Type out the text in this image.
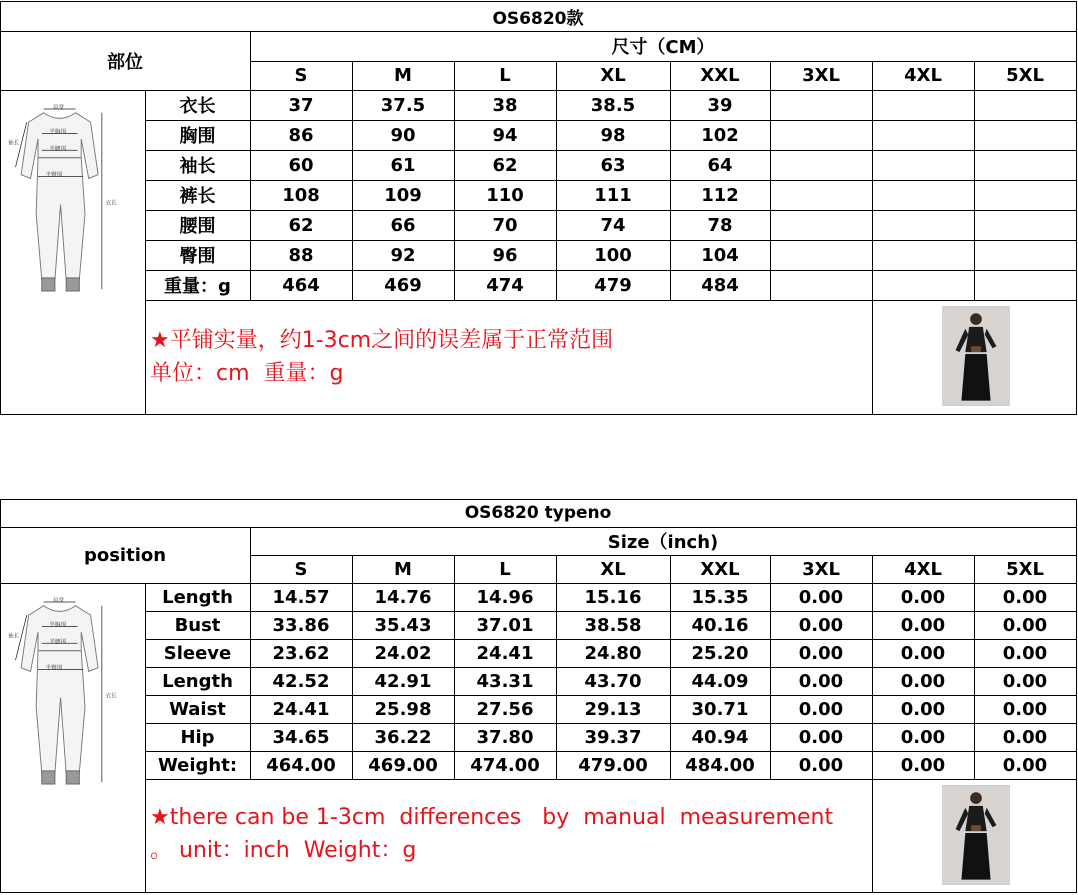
OS6820款
部位
尺寸（CM）
S	M	L	XL	XXL	3XL	4XL	5XL
衣长	37	37.5	38	38.5	39
胸围	86	90	94	98	102
袖长	60	61	62	63	64
裤长	108	109	110	111	112
腰围	62	66	70	74	78
臀围	88	92	96	100	104
重量：g	464	469	474	479	484
★平铺实量，约1-3cm之间的误差属于正常范围
单位：cm  重量：g
肩宽
半胸围
半腰围
半臀围
袖长
衣长
OS6820 typeno
position
Size（inch)
S	M	L	XL	XXL	3XL	4XL	5XL
Length	14.57	14.76	14.96	15.16	15.35	0.00	0.00	0.00
Bust	33.86	35.43	37.01	38.58	40.16	0.00	0.00	0.00
Sleeve	23.62	24.02	24.41	24.80	25.20	0.00	0.00	0.00
Length	42.52	42.91	43.31	43.70	44.09	0.00	0.00	0.00
Waist	24.41	25.98	27.56	29.13	30.71	0.00	0.00	0.00
Hip	34.65	36.22	37.80	39.37	40.94	0.00	0.00	0.00
Weight:	464.00	469.00	474.00	479.00	484.00	0.00	0.00	0.00
★there can be 1-3cm  differences   by  manual  measurement
。 unit：inch  Weight：g
肩宽
半胸围
半腰围
半臀围
袖长
衣长
